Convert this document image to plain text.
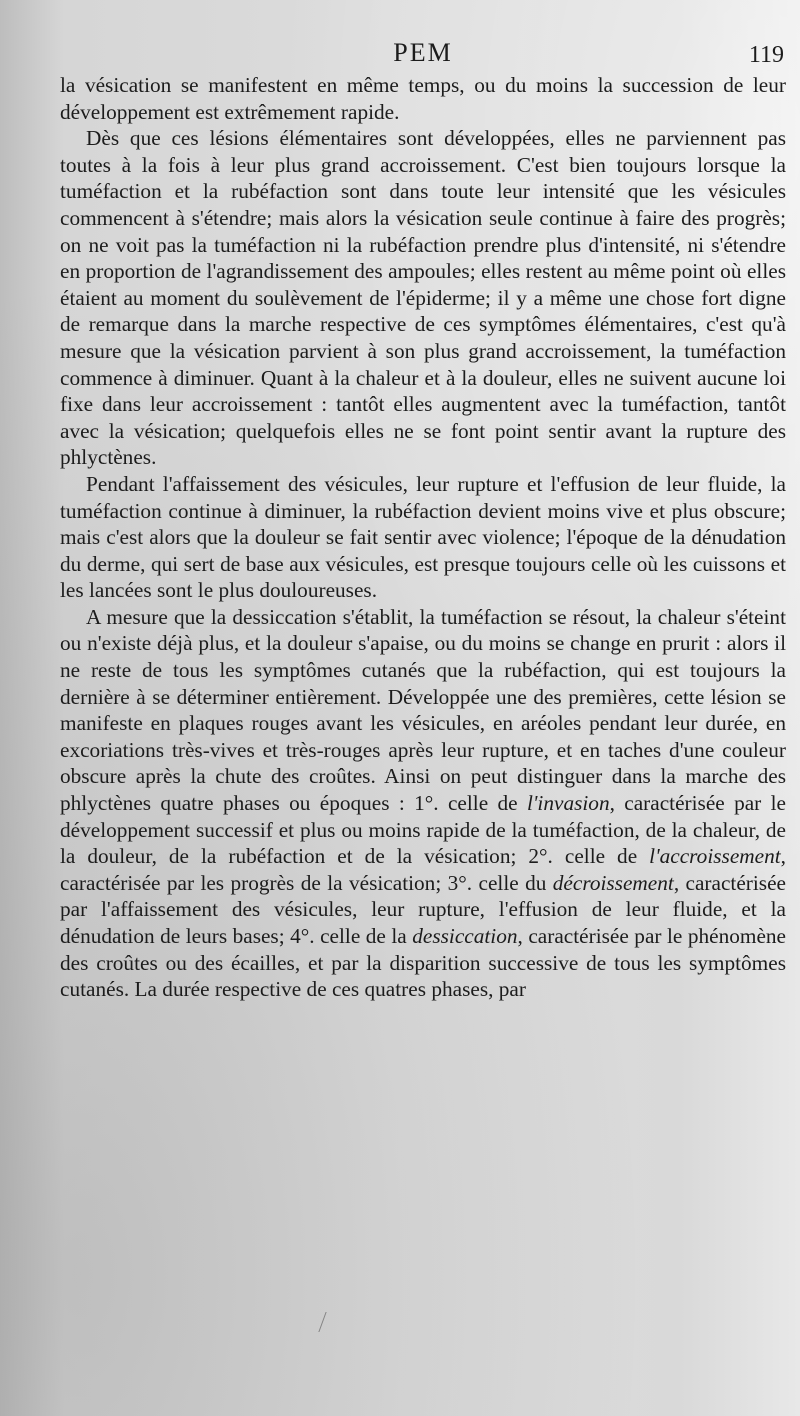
PEM	119

la vésication se manifestent en même temps, ou du moins la succession de leur développement est extrêmement rapide.

Dès que ces lésions élémentaires sont développées, elles ne parviennent pas toutes à la fois à leur plus grand accroissement. C'est bien toujours lorsque la tuméfaction et la rubéfaction sont dans toute leur intensité que les vésicules commencent à s'étendre; mais alors la vésication seule continue à faire des progrès; on ne voit pas la tuméfaction ni la rubéfaction prendre plus d'intensité, ni s'étendre en proportion de l'agrandissement des ampoules; elles restent au même point où elles étaient au moment du soulèvement de l'épiderme; il y a même une chose fort digne de remarque dans la marche respective de ces symptômes élémentaires, c'est qu'à mesure que la vésication parvient à son plus grand accroissement, la tuméfaction commence à diminuer. Quant à la chaleur et à la douleur, elles ne suivent aucune loi fixe dans leur accroissement : tantôt elles augmentent avec la tuméfaction, tantôt avec la vésication; quelquefois elles ne se font point sentir avant la rupture des phlyctènes.

Pendant l'affaissement des vésicules, leur rupture et l'effusion de leur fluide, la tuméfaction continue à diminuer, la rubéfaction devient moins vive et plus obscure; mais c'est alors que la douleur se fait sentir avec violence; l'époque de la dénudation du derme, qui sert de base aux vésicules, est presque toujours celle où les cuissons et les lancées sont le plus douloureuses.

A mesure que la dessiccation s'établit, la tuméfaction se résout, la chaleur s'éteint ou n'existe déjà plus, et la douleur s'apaise, ou du moins se change en prurit : alors il ne reste de tous les symptômes cutanés que la rubéfaction, qui est toujours la dernière à se déterminer entièrement. Développée une des premières, cette lésion se manifeste en plaques rouges avant les vésicules, en aréoles pendant leur durée, en excoriations très-vives et très-rouges après leur rupture, et en taches d'une couleur obscure après la chute des croûtes. Ainsi on peut distinguer dans la marche des phlyctènes quatre phases ou époques : 1°. celle de l'invasion, caractérisée par le développement successif et plus ou moins rapide de la tuméfaction, de la chaleur, de la douleur, de la rubéfaction et de la vésication; 2°. celle de l'accroissement, caractérisée par les progrès de la vésication; 3°. celle du décroissement, caractérisée par l'affaissement des vésicules, leur rupture, l'effusion de leur fluide, et la dénudation de leurs bases; 4°. celle de la dessiccation, caractérisée par le phénomène des croûtes ou des écailles, et par la disparition successive de tous les symptômes cutanés. La durée respective de ces quatres phases, par
